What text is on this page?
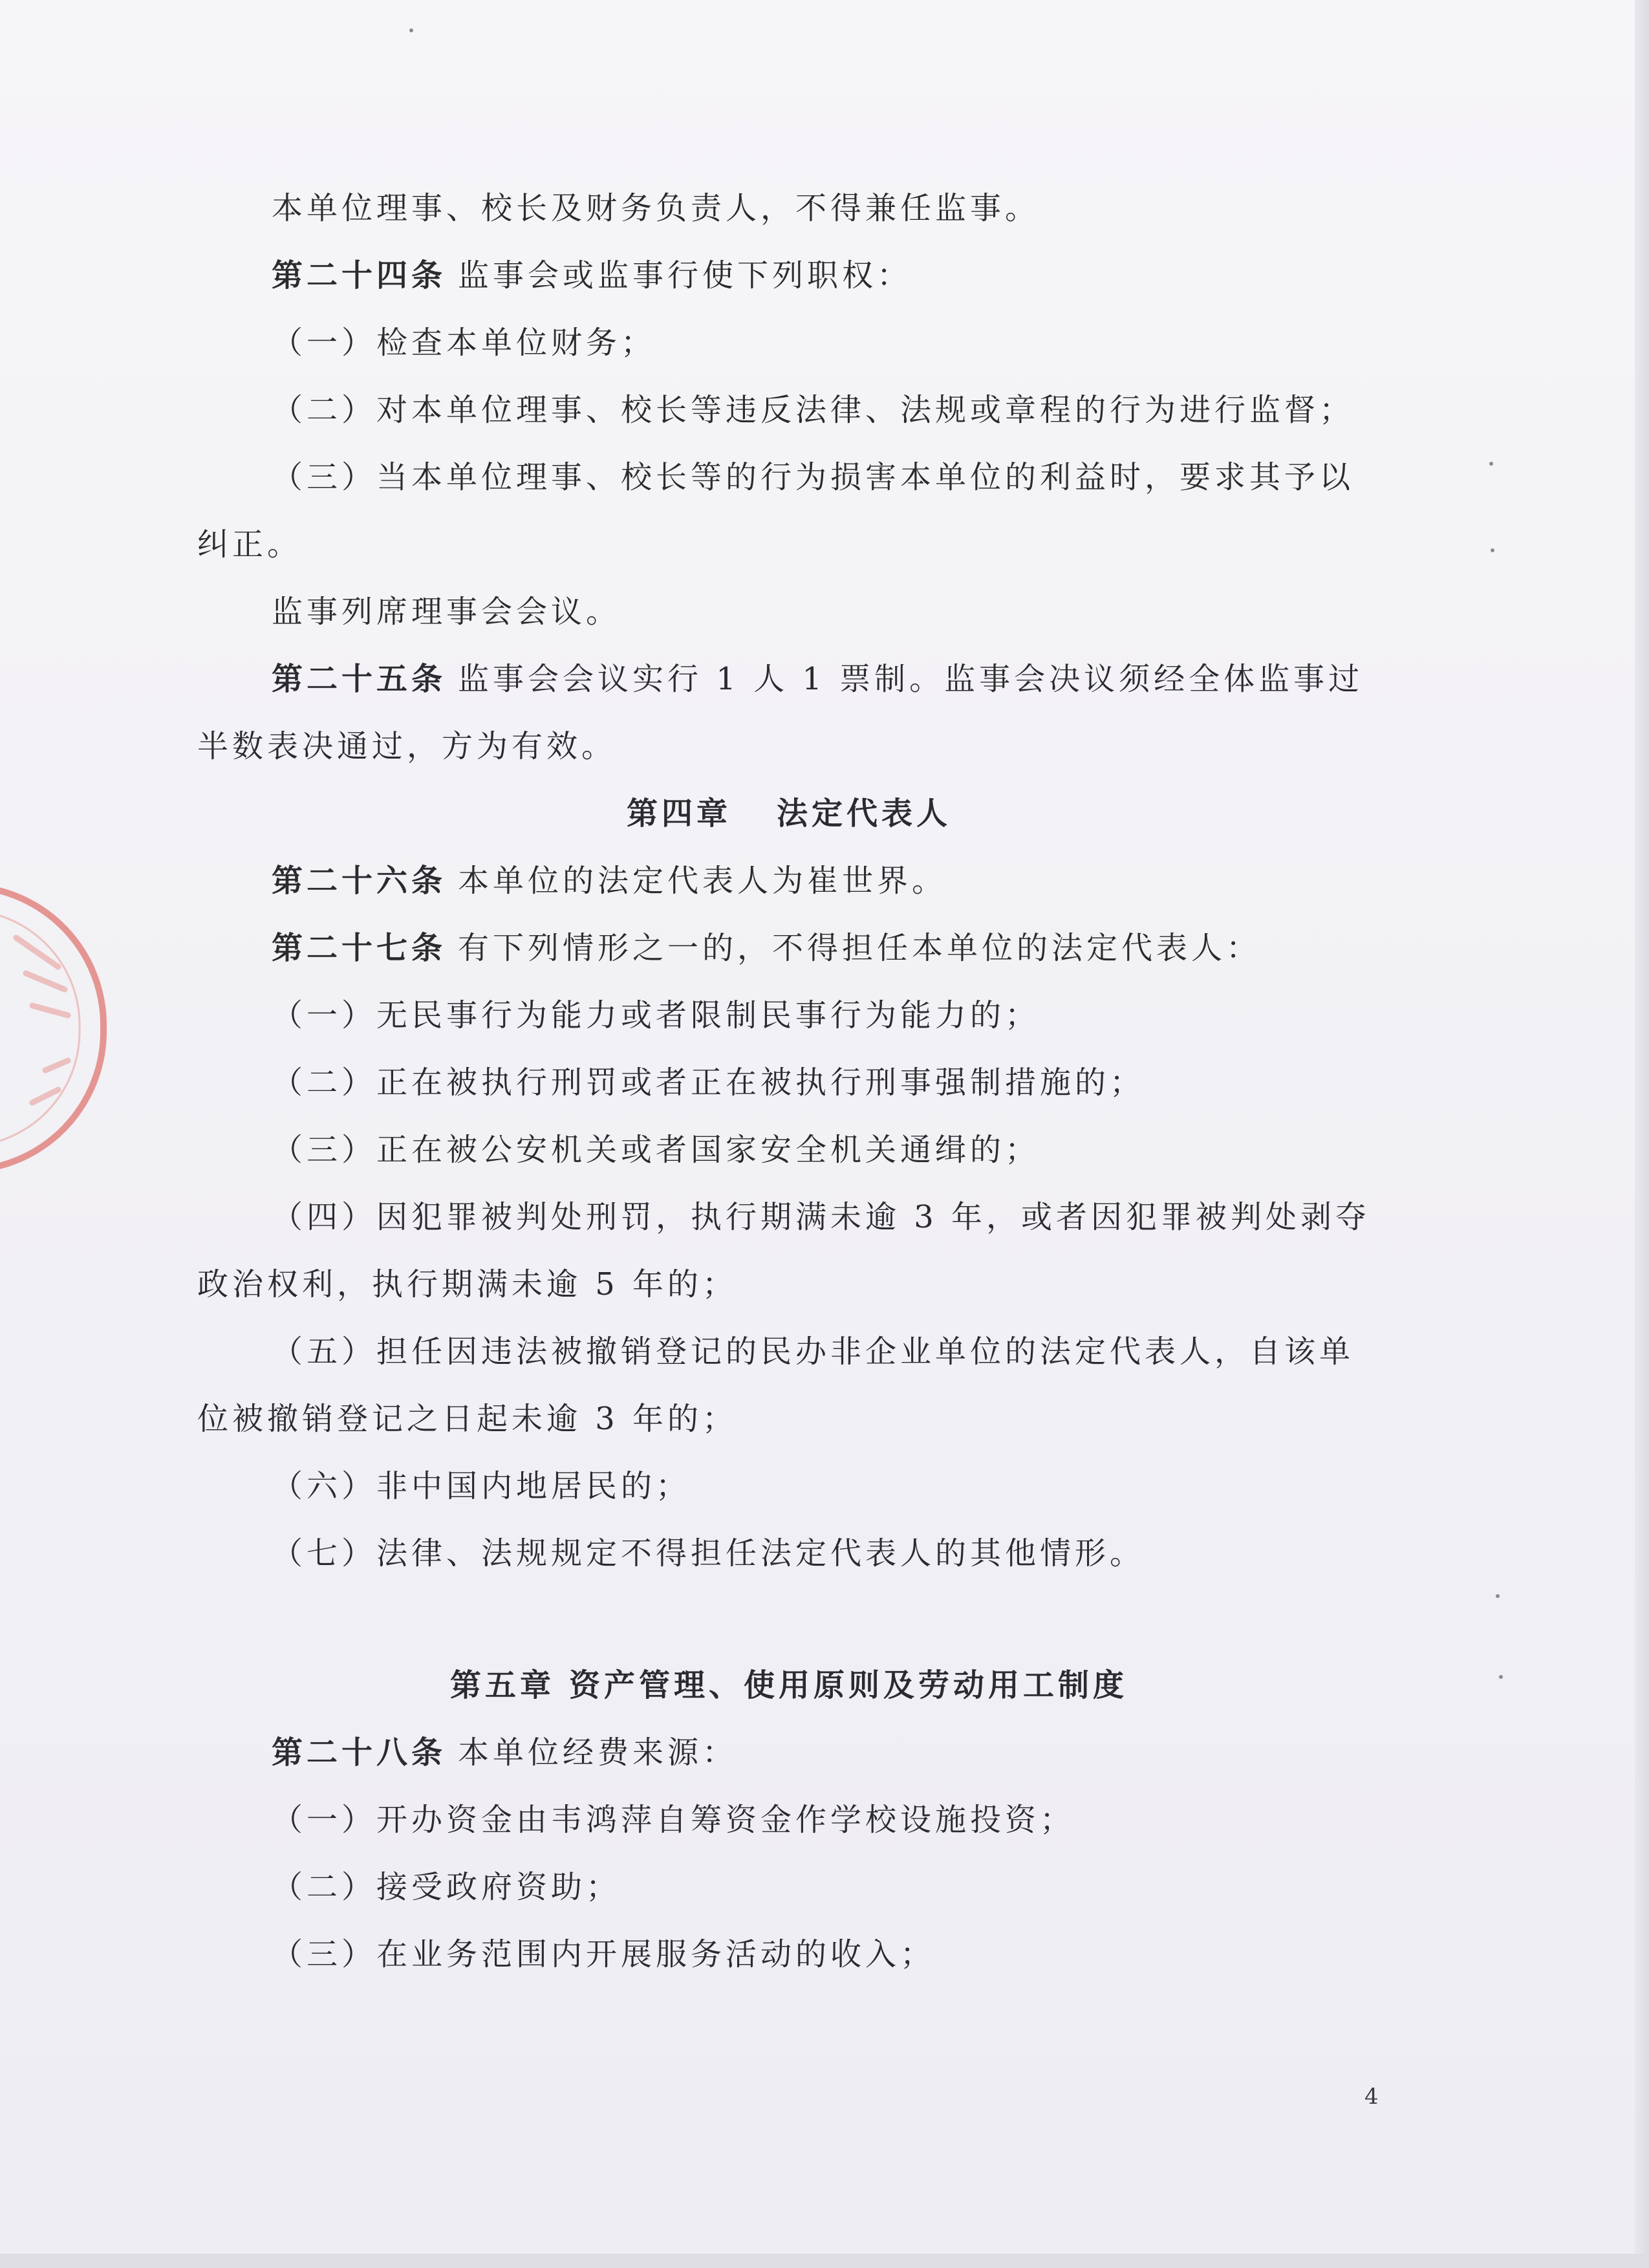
本单位理事、校长及财务负责人，不得兼任监事。

第二十四条 监事会或监事行使下列职权：

（一）检查本单位财务；

（二）对本单位理事、校长等违反法律、法规或章程的行为进行监督；

（三）当本单位理事、校长等的行为损害本单位的利益时，要求其予以纠正。

监事列席理事会会议。

第二十五条 监事会会议实行 1 人 1 票制。监事会决议须经全体监事过半数表决通过，方为有效。

第四章 法定代表人

第二十六条 本单位的法定代表人为崔世界。

第二十七条 有下列情形之一的，不得担任本单位的法定代表人：

（一）无民事行为能力或者限制民事行为能力的；

（二）正在被执行刑罚或者正在被执行刑事强制措施的；

（三）正在被公安机关或者国家安全机关通缉的；

（四）因犯罪被判处刑罚，执行期满未逾 3 年，或者因犯罪被判处剥夺政治权利，执行期满未逾 5 年的；

（五）担任因违法被撤销登记的民办非企业单位的法定代表人，自该单位被撤销登记之日起未逾 3 年的；

（六）非中国内地居民的；

（七）法律、法规规定不得担任法定代表人的其他情形。

第五章 资产管理、使用原则及劳动用工制度

第二十八条 本单位经费来源：

（一）开办资金由韦鸿萍自筹资金作学校设施投资；

（二）接受政府资助；

（三）在业务范围内开展服务活动的收入；

4
